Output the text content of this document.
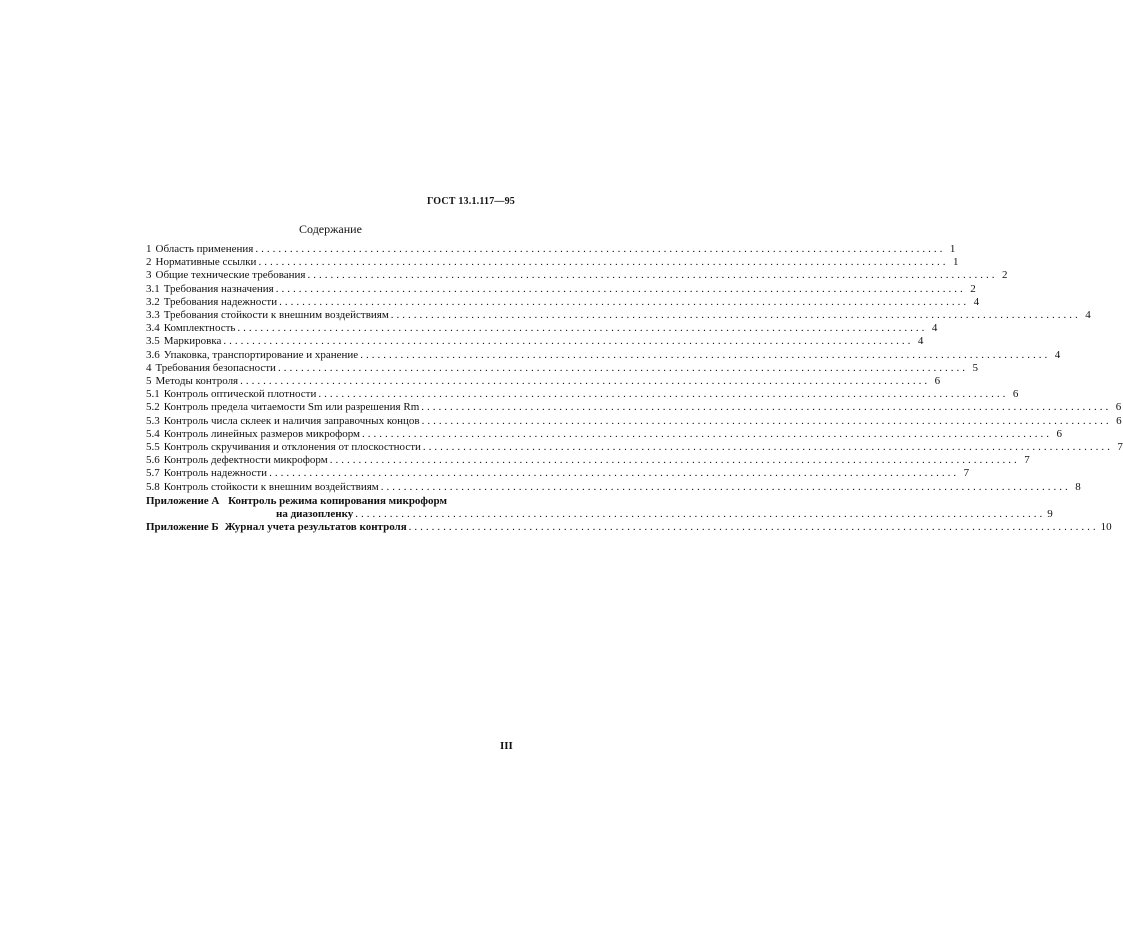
ГОСТ 13.1.117—95
Содержание
1 Область применения ........................................................................................................................ 1
2 Нормативные ссылки ........................................................................................................................ 1
3 Общие технические требования ........................................................................................................................ 2
3.1 Требования назначения ........................................................................................................................ 2
3.2 Требования надежности ........................................................................................................................ 4
3.3 Требования стойкости к внешним воздействиям ........................................................................................................................ 4
3.4 Комплектность ........................................................................................................................ 4
3.5 Маркировка ........................................................................................................................ 4
3.6 Упаковка, транспортирование и хранение ........................................................................................................................ 4
4 Требования безопасности ........................................................................................................................ 5
5 Методы контроля ........................................................................................................................ 6
5.1 Контроль оптической плотности ........................................................................................................................ 6
5.2 Контроль предела читаемости Sm или разрешения Rm ........................................................................................................................ 6
5.3 Контроль числа склеек и наличия заправочных концов ........................................................................................................................ 6
5.4 Контроль линейных размеров микроформ ........................................................................................................................ 6
5.5 Контроль скручивания и отклонения от плоскостности ........................................................................................................................ 7
5.6 Контроль дефектности микроформ ........................................................................................................................ 7
5.7 Контроль надежности ........................................................................................................................ 7
5.8 Контроль стойкости к внешним воздействиям ........................................................................................................................ 8
Приложение А Контроль режима копирования микроформ
на диазопленку ........................................................................................................................ 9
Приложение Б Журнал учета результатов контроля ........................................................................................................................ 10
III
